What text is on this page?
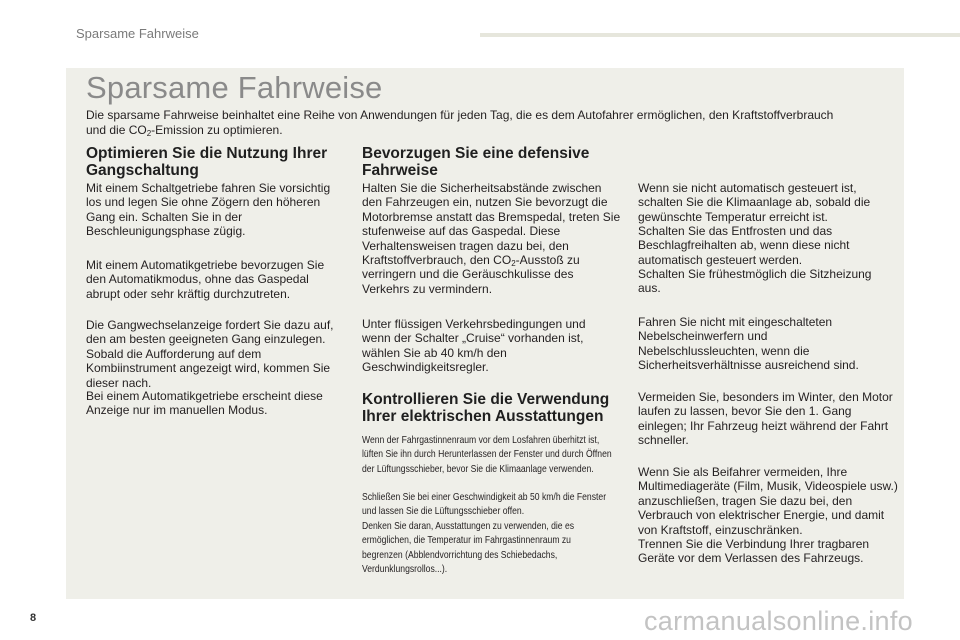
Sparsame Fahrweise
Sparsame Fahrweise
Die sparsame Fahrweise beinhaltet eine Reihe von Anwendungen für jeden Tag, die es dem Autofahrer ermöglichen, den Kraftstoffverbrauch
und die $CO_2$-Emission zu optimieren.
Optimieren Sie die Nutzung Ihrer Gangschaltung
Mit einem Schaltgetriebe fahren Sie vorsichtig los und legen Sie ohne Zögern den höheren Gang ein. Schalten Sie in der Beschleunigungsphase zügig.
Mit einem Automatikgetriebe bevorzugen Sie den Automatikmodus, ohne das Gaspedal abrupt oder sehr kräftig durchzutreten.
Die Gangwechselanzeige fordert Sie dazu auf, den am besten geeigneten Gang einzulegen. Sobald die Aufforderung auf dem Kombiinstrument angezeigt wird, kommen Sie dieser nach.
Bei einem Automatikgetriebe erscheint diese Anzeige nur im manuellen Modus.
Bevorzugen Sie eine defensive Fahrweise
Halten Sie die Sicherheitsabstände zwischen den Fahrzeugen ein, nutzen Sie bevorzugt die Motorbremse anstatt das Bremspedal, treten Sie stufenweise auf das Gaspedal. Diese Verhaltensweisen tragen dazu bei, den Kraftstoffverbrauch, den $CO_2$-Ausstoß zu verringern und die Geräuschkulisse des Verkehrs zu vermindern.
Unter flüssigen Verkehrsbedingungen und wenn der Schalter „Cruise“ vorhanden ist, wählen Sie ab 40 km/h den Geschwindigkeitsregler.
Kontrollieren Sie die Verwendung Ihrer elektrischen Ausstattungen
Wenn der Fahrgastinnenraum vor dem Losfahren überhitzt ist, lüften Sie ihn durch Herunterlassen der Fenster und durch Öffnen der Lüftungsschieber, bevor Sie die Klimaanlage verwenden.
Schließen Sie bei einer Geschwindigkeit ab 50 km/h die Fenster und lassen Sie die Lüftungsschieber offen.
Denken Sie daran, Ausstattungen zu verwenden, die es ermöglichen, die Temperatur im Fahrgastinnenraum zu begrenzen (Abblendvorrichtung des Schiebedachs, Verdunklungsrollos...).
Wenn sie nicht automatisch gesteuert ist, schalten Sie die Klimaanlage ab, sobald die gewünschte Temperatur erreicht ist.
Schalten Sie das Entfrosten und das Beschlagfreihalten ab, wenn diese nicht automatisch gesteuert werden.
Schalten Sie frühestmöglich die Sitzheizung aus.
Fahren Sie nicht mit eingeschalteten Nebelscheinwerfern und Nebelschlussleuchten, wenn die Sicherheitsverhältnisse ausreichend sind.
Vermeiden Sie, besonders im Winter, den Motor laufen zu lassen, bevor Sie den 1. Gang einlegen; Ihr Fahrzeug heizt während der Fahrt schneller.
Wenn Sie als Beifahrer vermeiden, Ihre Multimediageräte (Film, Musik, Videospiele usw.) anzuschließen, tragen Sie dazu bei, den Verbrauch von elektrischer Energie, und damit von Kraftstoff, einzuschränken.
Trennen Sie die Verbindung Ihrer tragbaren Geräte vor dem Verlassen des Fahrzeugs.
8	carmanualsonline.info
